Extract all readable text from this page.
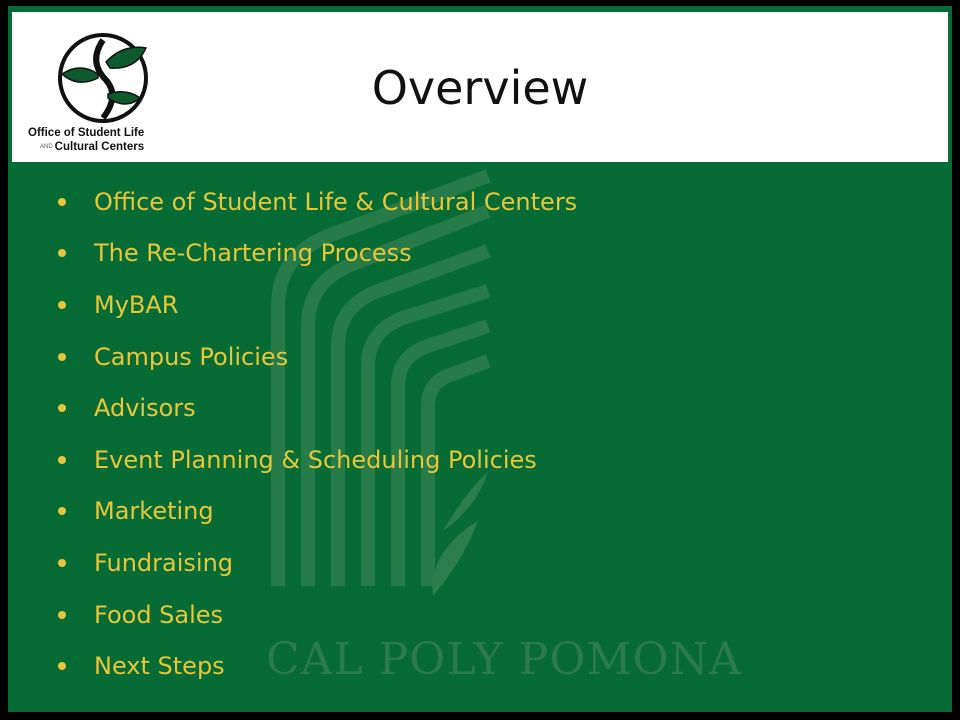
CAL POLY POMONA
Office of Student Life
AND Cultural Centers
Overview
Office of Student Life & Cultural Centers
The Re-Chartering Process
MyBAR
Campus Policies
Advisors
Event Planning & Scheduling Policies
Marketing
Fundraising
Food Sales
Next Steps
